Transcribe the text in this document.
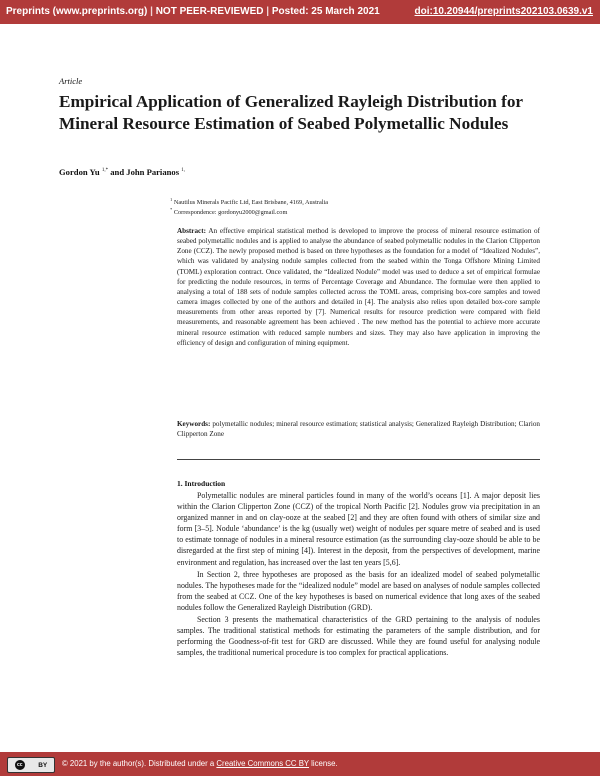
Preprints (www.preprints.org) | NOT PEER-REVIEWED | Posted: 25 March 2021	doi:10.20944/preprints202103.0639.v1
Article
Empirical Application of Generalized Rayleigh Distribution for Mineral Resource Estimation of Seabed Polymetallic Nodules
Gordon Yu $^{1,*}$ and John Parianos $^{1,}$
$^1$ Nautilus Minerals Pacific Ltd, East Brisbane, 4169, Australia
* Correspondence: gordonyu2000@gmail.com
Abstract: An effective empirical statistical method is developed to improve the process of mineral resource estimation of seabed polymetallic nodules and is applied to analyse the abundance of seabed polymetallic nodules in the Clarion Clipperton Zone (CCZ). The newly proposed method is based on three hypotheses as the foundation for a model of “Idealized Nodules”, which was validated by analysing nodule samples collected from the seabed within the Tonga Offshore Mining Limited (TOML) exploration contract. Once validated, the “Idealized Nodule” model was used to deduce a set of empirical formulae for predicting the nodule resources, in terms of Percentage Coverage and Abundance. The formulae were then applied to analysing a total of 188 sets of nodule samples collected across the TOML areas, comprising box-core samples and towed camera images collected by one of the authors and detailed in [4]. The analysis also relies upon detailed box-core sample measurements from other areas reported by [7]. Numerical results for resource prediction were compared with field measurements, and reasonable agreement has been achieved . The new method has the potential to achieve more accurate mineral resource estimation with reduced sample numbers and sizes. They may also have application in improving the efficiency of design and configuration of mining equipment.
Keywords: polymetallic nodules; mineral resource estimation; statistical analysis; Generalized Rayleigh Distribution; Clarion Clipperton Zone
1. Introduction

Polymetallic nodules are mineral particles found in many of the world’s oceans [1]. A major deposit lies within the Clarion Clipperton Zone (CCZ) of the tropical North Pacific [2]. Nodules grow via precipitation in an organized manner in and on clay-ooze at the seabed [2] and they are often found with others of similar size and form [3–5]. Nodule ‘abundance’ is the kg (usually wet) weight of nodules per square metre of seabed and is used to estimate tonnage of nodules in a mineral resource estimation (as the surrounding clay-ooze should be able to be disregarded at the first step of mining [4]). Interest in the deposit, from the perspectives of development, marine environment and regulation, has increased over the last ten years [5,6].

In Section 2, three hypotheses are proposed as the basis for an idealized model of seabed polymetallic nodules. The hypotheses made for the “idealized nodule” model are based on analyses of nodule samples collected from the seabed at CCZ. One of the key hypotheses is based on numerical evidence that long axes of the seabed nodules follow the Generalized Rayleigh Distribution (GRD).

Section 3 presents the mathematical characteristics of the GRD pertaining to the analysis of nodules samples. The traditional statistical methods for estimating the parameters of the sample distribution, and for performing the Goodness-of-fit test for GRD are discussed. While they are found useful for analysing nodule samples, the traditional numerical procedure is too complex for practical applications.

cc	BY © 2021 by the author(s). Distributed under a Creative Commons CC BY license.
